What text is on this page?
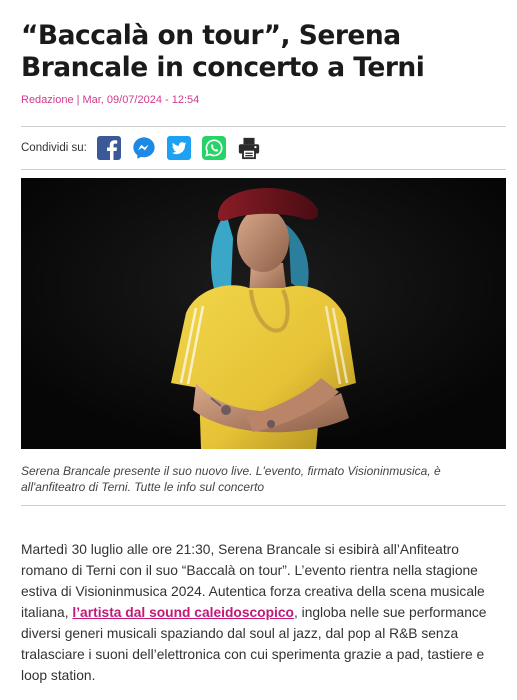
“Baccalà on tour”, Serena
Brancale in concerto a Terni
Redazione | Mar, 09/07/2024 - 12:54
Condividi su:
Serena Brancale presente il suo nuovo live. L'evento, firmato Visioninmusica, è
all'anfiteatro di Terni. Tutte le info sul concerto

Martedì 30 luglio alle ore 21:30, Serena Brancale si esibirà all’Anfiteatro romano di Terni con il suo “Baccalà on tour”. L’evento rientra nella stagione estiva di Visioninmusica 2024. Autentica forza creativa della scena musicale italiana, l’artista dal sound caleidoscopico, ingloba nelle sue performance diversi generi musicali spaziando dal soul al jazz, dal pop al R&B senza tralasciare i suoni dell’elettronica con cui sperimenta grazie a pad, tastiere e loop station.
